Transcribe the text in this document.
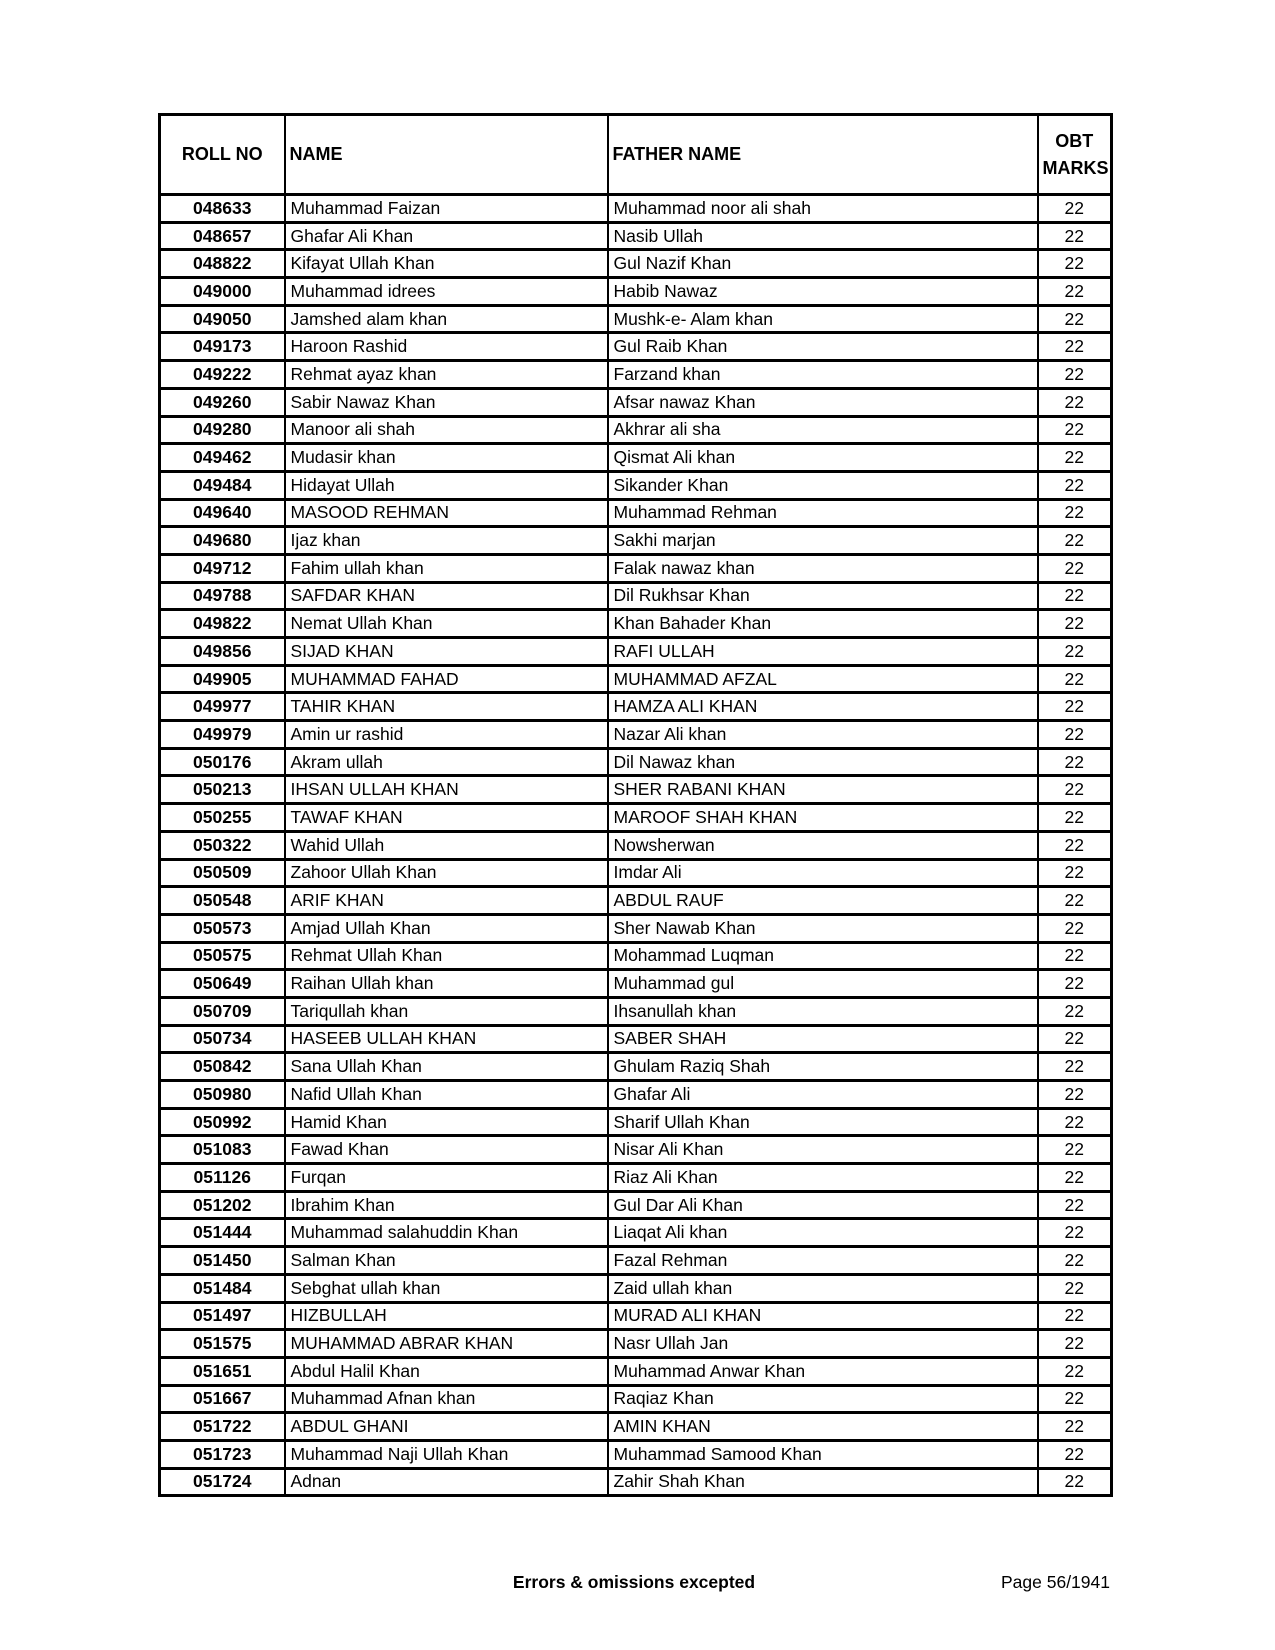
ROLL NO	NAME	FATHER NAME	OBT MARKS
048633	Muhammad Faizan	Muhammad noor ali shah	22
048657	Ghafar Ali Khan	Nasib Ullah	22
048822	Kifayat Ullah Khan	Gul Nazif Khan	22
049000	Muhammad idrees	Habib Nawaz	22
049050	Jamshed alam khan	Mushk-e- Alam khan	22
049173	Haroon Rashid	Gul Raib Khan	22
049222	Rehmat ayaz khan	Farzand khan	22
049260	Sabir Nawaz Khan	Afsar nawaz Khan	22
049280	Manoor ali shah	Akhrar ali sha	22
049462	Mudasir khan	Qismat Ali khan	22
049484	Hidayat Ullah	Sikander Khan	22
049640	MASOOD REHMAN	Muhammad Rehman	22
049680	Ijaz khan	Sakhi marjan	22
049712	Fahim ullah khan	Falak nawaz khan	22
049788	SAFDAR KHAN	Dil Rukhsar Khan	22
049822	Nemat Ullah Khan	Khan Bahader Khan	22
049856	SIJAD KHAN	RAFI ULLAH	22
049905	MUHAMMAD FAHAD	MUHAMMAD AFZAL	22
049977	TAHIR KHAN	HAMZA ALI KHAN	22
049979	Amin ur rashid	Nazar Ali khan	22
050176	Akram ullah	Dil Nawaz khan	22
050213	IHSAN ULLAH KHAN	SHER RABANI KHAN	22
050255	TAWAF KHAN	MAROOF SHAH KHAN	22
050322	Wahid Ullah	Nowsherwan	22
050509	Zahoor Ullah Khan	Imdar Ali	22
050548	ARIF KHAN	ABDUL RAUF	22
050573	Amjad Ullah Khan	Sher Nawab Khan	22
050575	Rehmat Ullah Khan	Mohammad Luqman	22
050649	Raihan Ullah khan	Muhammad gul	22
050709	Tariqullah khan	Ihsanullah khan	22
050734	HASEEB ULLAH KHAN	SABER SHAH	22
050842	Sana Ullah Khan	Ghulam Raziq Shah	22
050980	Nafid Ullah Khan	Ghafar Ali	22
050992	Hamid Khan	Sharif Ullah Khan	22
051083	Fawad Khan	Nisar Ali Khan	22
051126	Furqan	Riaz Ali Khan	22
051202	Ibrahim Khan	Gul Dar Ali Khan	22
051444	Muhammad salahuddin Khan	Liaqat Ali khan	22
051450	Salman Khan	Fazal Rehman	22
051484	Sebghat ullah khan	Zaid ullah khan	22
051497	HIZBULLAH	MURAD ALI KHAN	22
051575	MUHAMMAD ABRAR KHAN	Nasr Ullah Jan	22
051651	Abdul Halil Khan	Muhammad Anwar Khan	22
051667	Muhammad Afnan khan	Raqiaz Khan	22
051722	ABDUL GHANI	AMIN KHAN	22
051723	Muhammad Naji Ullah Khan	Muhammad Samood Khan	22
051724	Adnan	Zahir Shah Khan	22
Errors & omissions excepted	Page 56/1941
